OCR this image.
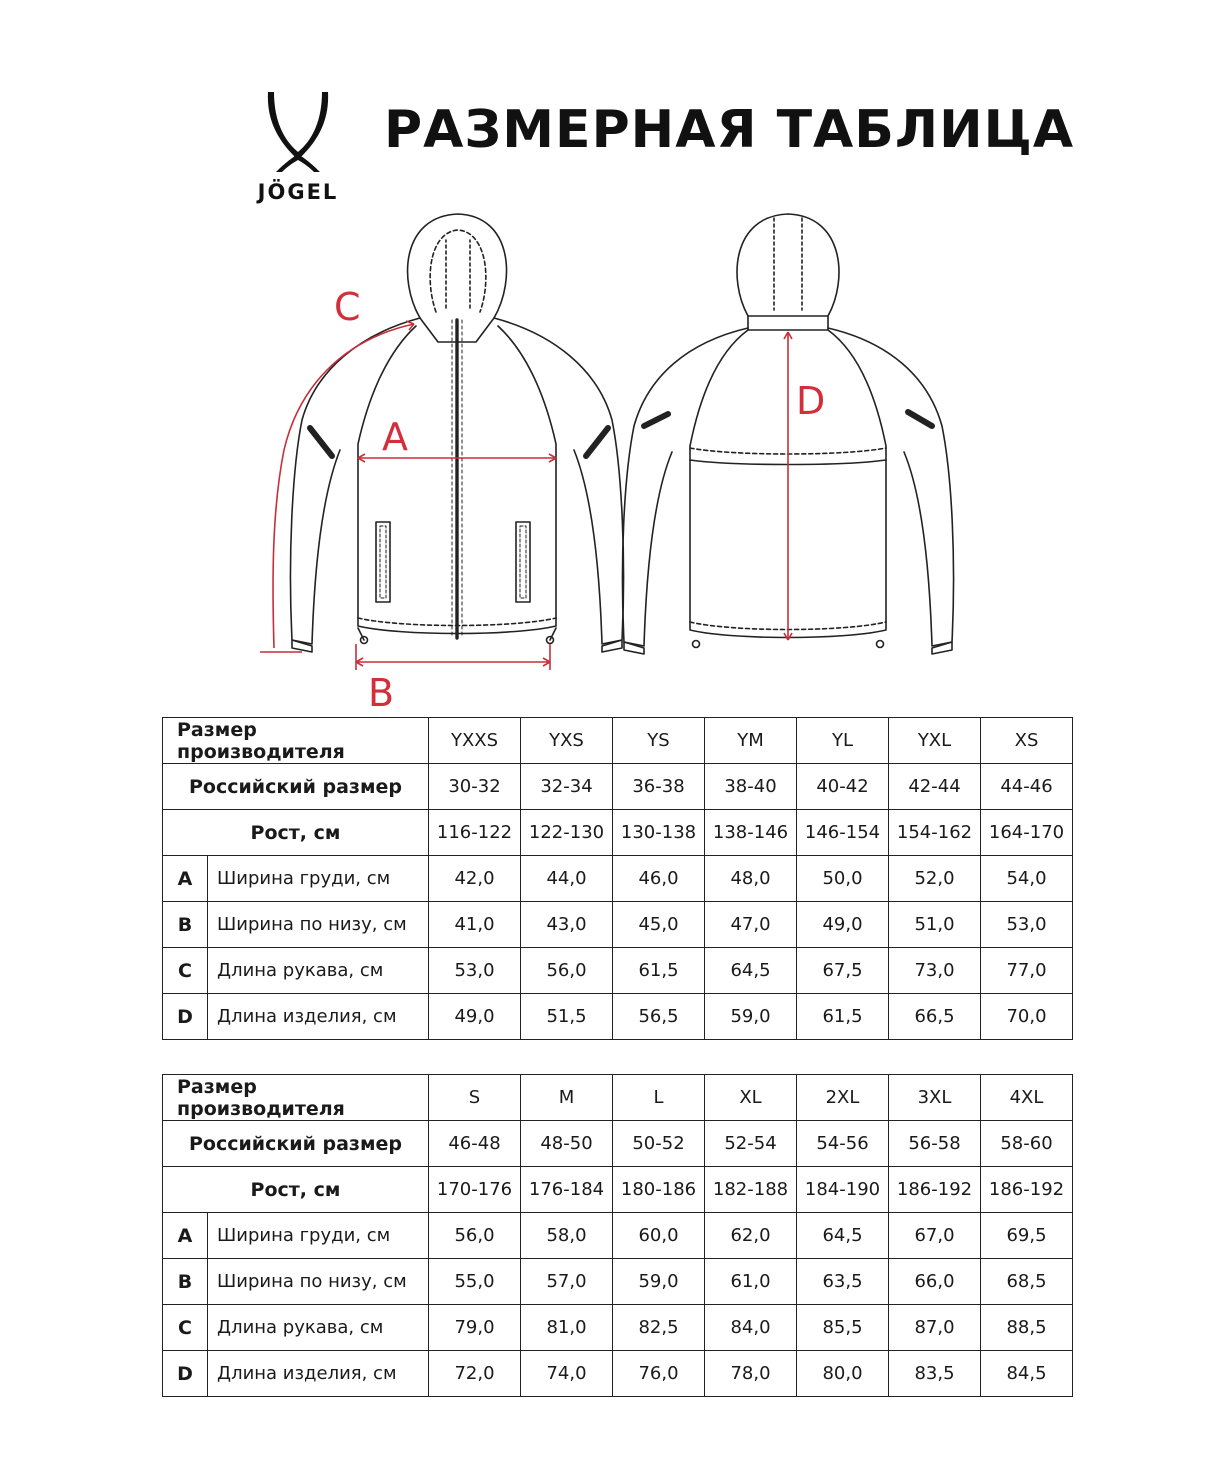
JÖGEL
РАЗМЕРНАЯ ТАБЛИЦА
A
B
C
D
Размер производителя		YXXS	YXS	YS	YM	YL	YXL	XS
Российский размер		30-32	32-34	36-38	38-40	40-42	42-44	44-46
Рост, см		116-122	122-130	130-138	138-146	146-154	154-162	164-170
A	Ширина груди, см	42,0	44,0	46,0	48,0	50,0	52,0	54,0
B	Ширина по низу, см	41,0	43,0	45,0	47,0	49,0	51,0	53,0
C	Длина рукава, см	53,0	56,0	61,5	64,5	67,5	73,0	77,0
D	Длина изделия, см	49,0	51,5	56,5	59,0	61,5	66,5	70,0
Размер производителя		S	M	L	XL	2XL	3XL	4XL
Российский размер		46-48	48-50	50-52	52-54	54-56	56-58	58-60
Рост, см		170-176	176-184	180-186	182-188	184-190	186-192	186-192
A	Ширина груди, см	56,0	58,0	60,0	62,0	64,5	67,0	69,5
B	Ширина по низу, см	55,0	57,0	59,0	61,0	63,5	66,0	68,5
C	Длина рукава, см	79,0	81,0	82,5	84,0	85,5	87,0	88,5
D	Длина изделия, см	72,0	74,0	76,0	78,0	80,0	83,5	84,5
